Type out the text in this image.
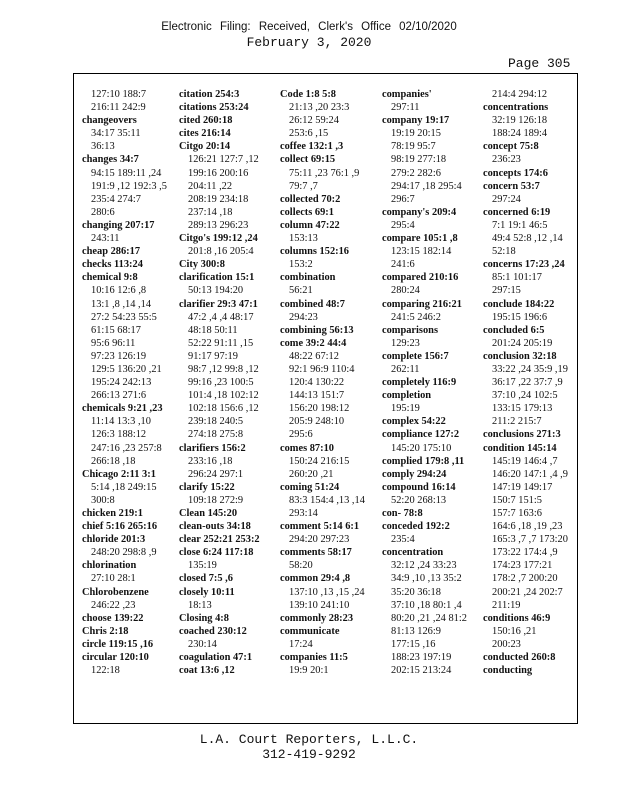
Electronic Filing: Received, Clerk's Office 02/10/2020
February 3, 2020
Page 305
127:10 188:7
216:11 242:9
changeovers
34:17 35:11
36:13
changes 34:7
94:15 189:11 ,24
191:9 ,12 192:3 ,5
235:4 274:7
280:6
changing 207:17
243:11
cheap 286:17
checks 113:24
chemical 9:8
10:16 12:6 ,8
13:1 ,8 ,14 ,14
27:2 54:23 55:5
61:15 68:17
95:6 96:11
97:23 126:19
129:5 136:20 ,21
195:24 242:13
266:13 271:6
chemicals 9:21 ,23
11:14 13:3 ,10
126:3 188:12
247:16 ,23 257:8
266:18 ,18
Chicago 2:11 3:1
5:14 ,18 249:15
300:8
chicken 219:1
chief 5:16 265:16
chloride 201:3
248:20 298:8 ,9
chlorination
27:10 28:1
Chlorobenzene
246:22 ,23
choose 139:22
Chris 2:18
circle 119:15 ,16
circular 120:10
122:18
citation 254:3
citations 253:24
cited 260:18
cites 216:14
Citgo 20:14
126:21 127:7 ,12
199:16 200:16
204:11 ,22
208:19 234:18
237:14 ,18
289:13 296:23
Citgo's 199:12 ,24
201:8 ,16 205:4
City 300:8
clarification 15:1
50:13 194:20
clarifier 29:3 47:1
47:2 ,4 ,4 48:17
48:18 50:11
52:22 91:11 ,15
91:17 97:19
98:7 ,12 99:8 ,12
99:16 ,23 100:5
101:4 ,18 102:12
102:18 156:6 ,12
239:18 240:5
274:18 275:8
clarifiers 156:2
233:16 ,18
296:24 297:1
clarify 15:22
109:18 272:9
Clean 145:20
clean-outs 34:18
clear 252:21 253:2
close 6:24 117:18
135:19
closed 7:5 ,6
closely 10:11
18:13
Closing 4:8
coached 230:12
230:14
coagulation 47:1
coat 13:6 ,12
Code 1:8 5:8
21:13 ,20 23:3
26:12 59:24
253:6 ,15
coffee 132:1 ,3
collect 69:15
75:11 ,23 76:1 ,9
79:7 ,7
collected 70:2
collects 69:1
column 47:22
153:13
columns 152:16
153:2
combination
56:21
combined 48:7
294:23
combining 56:13
come 39:2 44:4
48:22 67:12
92:1 96:9 110:4
120:4 130:22
144:13 151:7
156:20 198:12
205:9 248:10
295:6
comes 87:10
150:24 216:15
260:20 ,21
coming 51:24
83:3 154:4 ,13 ,14
293:14
comment 5:14 6:1
294:20 297:23
comments 58:17
58:20
common 29:4 ,8
137:10 ,13 ,15 ,24
139:10 241:10
commonly 28:23
communicate
17:24
companies 11:5
19:9 20:1
companies'
297:11
company 19:17
19:19 20:15
78:19 95:7
98:19 277:18
279:2 282:6
294:17 ,18 295:4
296:7
company's 209:4
295:4
compare 105:1 ,8
123:15 182:14
241:6
compared 210:16
280:24
comparing 216:21
241:5 246:2
comparisons
129:23
complete 156:7
262:11
completely 116:9
completion
195:19
complex 54:22
compliance 127:2
145:20 175:10
complied 179:8 ,11
comply 294:24
compound 16:14
52:20 268:13
con- 78:8
conceded 192:2
235:4
concentration
32:12 ,24 33:23
34:9 ,10 ,13 35:2
35:20 36:18
37:10 ,18 80:1 ,4
80:20 ,21 ,24 81:2
81:13 126:9
177:15 ,16
188:23 197:19
202:15 213:24
214:4 294:12
concentrations
32:19 126:18
188:24 189:4
concept 75:8
236:23
concepts 174:6
concern 53:7
297:24
concerned 6:19
7:1 19:1 46:5
49:4 52:8 ,12 ,14
52:18
concerns 17:23 ,24
85:1 101:17
297:15
conclude 184:22
195:15 196:6
concluded 6:5
201:24 205:19
conclusion 32:18
33:22 ,24 35:9 ,19
36:17 ,22 37:7 ,9
37:10 ,24 102:5
133:15 179:13
211:2 215:7
conclusions 271:3
condition 145:14
145:19 146:4 ,7
146:20 147:1 ,4 ,9
147:19 149:17
150:7 151:5
157:7 163:6
164:6 ,18 ,19 ,23
165:3 ,7 ,7 173:20
173:22 174:4 ,9
174:23 177:21
178:2 ,7 200:20
200:21 ,24 202:7
211:19
conditions 46:9
150:16 ,21
200:23
conducted 260:8
conducting
L.A. Court Reporters, L.L.C.
312-419-9292
